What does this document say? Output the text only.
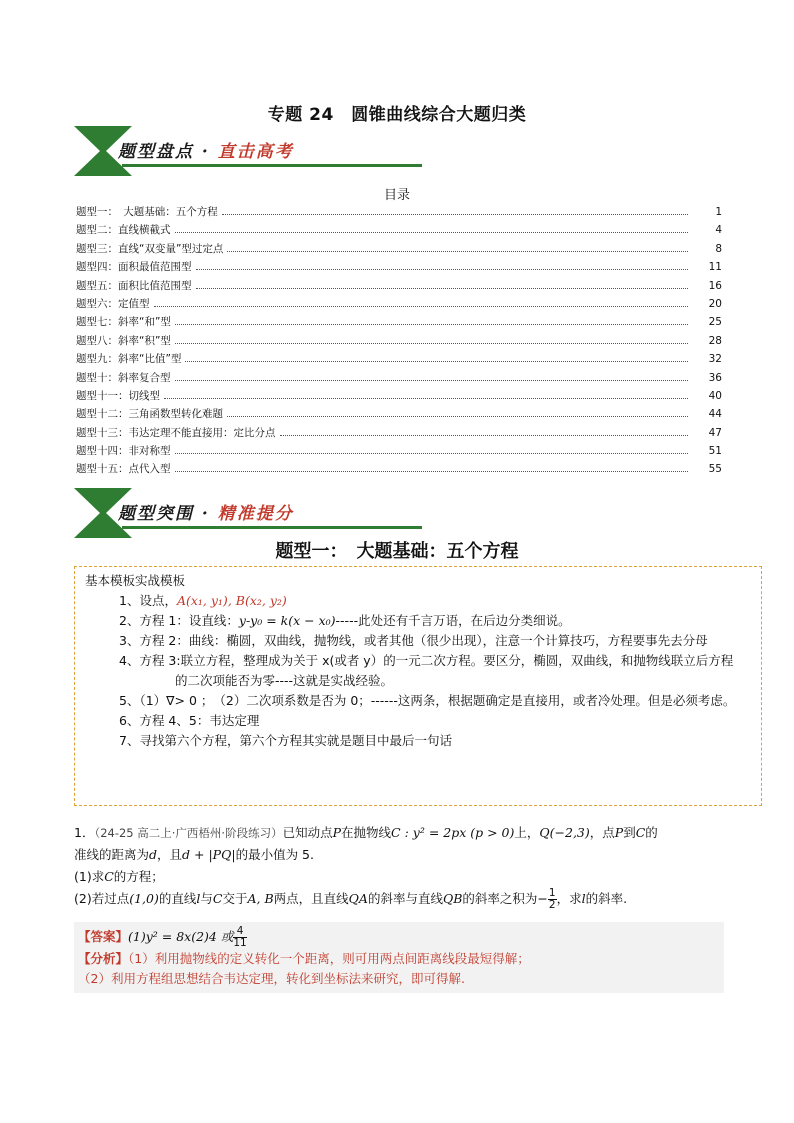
专题 24　圆锥曲线综合大题归类
题型盘点 · 直击高考
目录
题型一：　大题基础：五个方程	1
题型二：直线横截式	4
题型三：直线“双变量”型过定点	8
题型四：面积最值范围型	11
题型五：面积比值范围型	16
题型六：定值型	20
题型七：斜率“和”型	25
题型八：斜率“积”型	28
题型九：斜率“比值”型	32
题型十：斜率复合型	36
题型十一：切线型	40
题型十二：三角函数型转化难题	44
题型十三：韦达定理不能直接用：定比分点	47
题型十四：非对称型	51
题型十五：点代入型	55
题型突围 · 精准提分
题型一：　大题基础：五个方程

基本模板实战模板

1、设点，A(x₁, y₁), B(x₂, y₂)

2、方程 1：设直线：y-y₀ = k(x − x₀)-----此处还有千言万语，在后边分类细说。

3、方程 2：曲线：椭圆，双曲线，抛物线，或者其他（很少出现），注意一个计算技巧，方程要事先去分母

4、方程 3:联立方程，整理成为关于 x(或者 y）的一元二次方程。要区分，椭圆，双曲线，和抛物线联立后方程

的二次项能否为零----这就是实战经验。

5、（1）∇> 0 ；　（2）二次项系数是否为 0；------这两条，根据题确定是直接用，或者冷处理。但是必须考虑。

6、方程 4、5：韦达定理

7、寻找第六个方程，第六个方程其实就是题目中最后一句话

1．（24-25 高二上·广西梧州·阶段练习）已知动点P在抛物线C : y² = 2px (p > 0)上，Q(−2,3)，点P到C的

准线的距离为d，且d + |PQ|的最小值为 5.

(1)求C的方程；

(2)若过点(1,0)的直线l与C交于A, B两点，且直线QA的斜率与直线QB的斜率之积为− $\frac{1}{2}$ ，求l的斜率.

【答案】(1)y² = 8x(2)4 或 $\frac{4}{11}$

【分析】（1）利用抛物线的定义转化一个距离，则可用两点间距离线段最短得解；

（2）利用方程组思想结合韦达定理，转化到坐标法来研究，即可得解.
